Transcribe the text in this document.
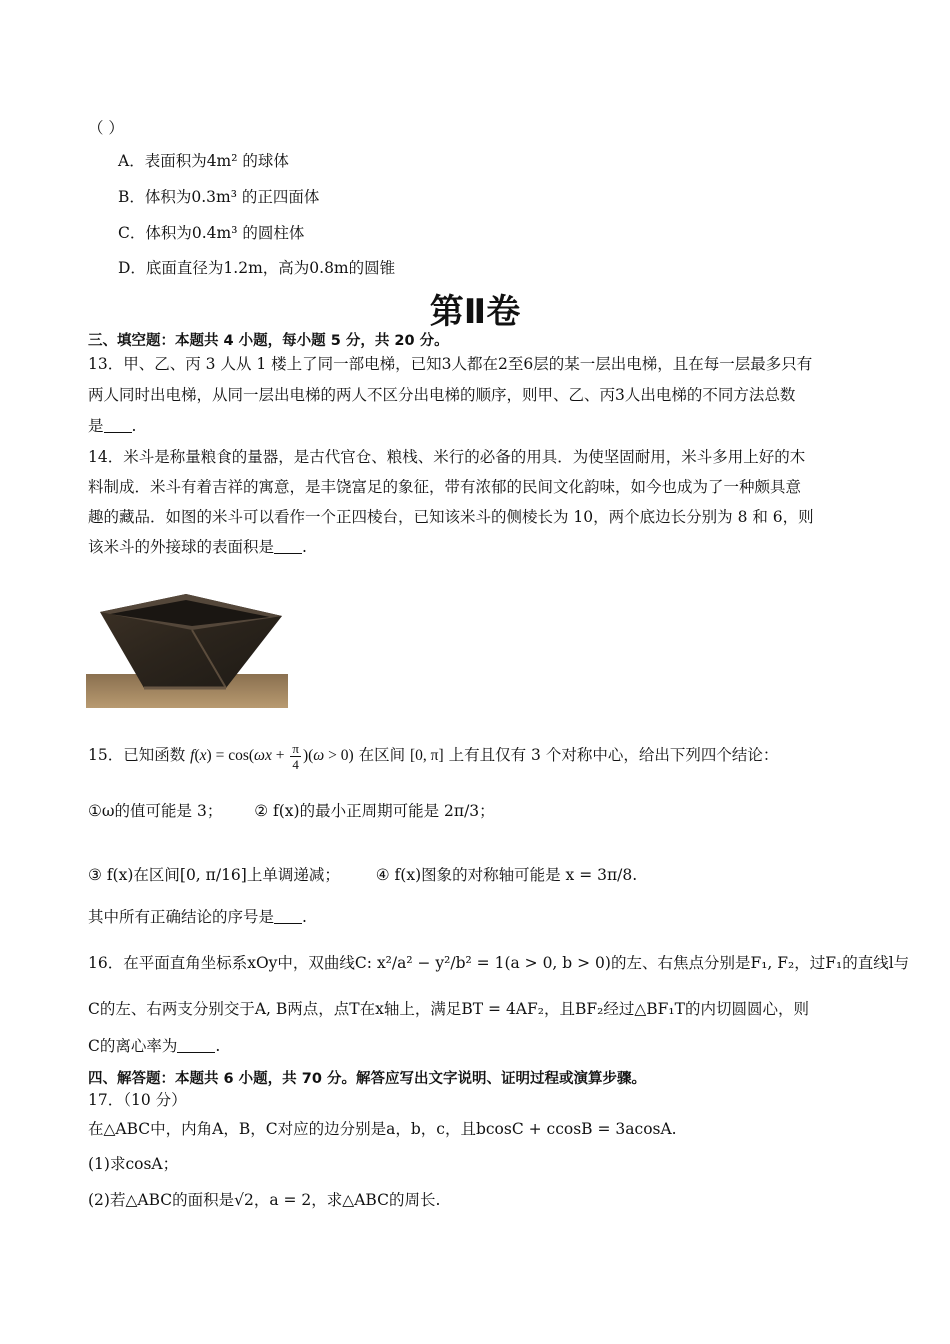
（ ）
A．表面积为4m² 的球体
B．体积为0.3m³ 的正四面体
C．体积为0.4m³ 的圆柱体
D．底面直径为1.2m，高为0.8m的圆锥
第Ⅱ卷
三、填空题：本题共 4 小题，每小题 5 分，共 20 分。
13．甲、乙、丙 3 人从 1 楼上了同一部电梯，已知3人都在2至6层的某一层出电梯，且在每一层最多只有
两人同时出电梯，从同一层出电梯的两人不区分出电梯的顺序，则甲、乙、丙3人出电梯的不同方法总数
是 .
14．米斗是称量粮食的量器，是古代官仓、粮栈、米行的必备的用具．为使坚固耐用，米斗多用上好的木
料制成．米斗有着吉祥的寓意，是丰饶富足的象征，带有浓郁的民间文化韵味，如今也成为了一种颇具意
趣的藏品．如图的米斗可以看作一个正四棱台，已知该米斗的侧棱长为 10，两个底边长分别为 8 和 6，则
该米斗的外接球的表面积是 .
15．已知函数 $f(x) = \cos(\omega x + \frac{\pi}{4} )(\omega > 0)$ 在区间 [0, π] 上有且仅有 3 个对称中心，给出下列四个结论：
①ω的值可能是 3； ② f(x)的最小正周期可能是 2π/3；
③ f(x)在区间[0, π/16]上单调递减； ④ f(x)图象的对称轴可能是 x = 3π/8.
其中所有正确结论的序号是 .
16．在平面直角坐标系xOy中，双曲线C: x²/a² − y²/b² = 1(a > 0, b > 0)的左、右焦点分别是F₁, F₂，过F₁的直线l与
C的左、右两支分别交于A, B两点，点T在x轴上，满足BT = 4AF₂，且BF₂经过△BF₁T的内切圆圆心，则
C的离心率为 .
四、解答题：本题共 6 小题，共 70 分。解答应写出文字说明、证明过程或演算步骤。
17．（10 分）
在△ABC中，内角A，B，C对应的边分别是a，b，c，且bcosC + ccosB = 3acosA.
(1)求cosA；
(2)若△ABC的面积是√2，a = 2，求△ABC的周长.
